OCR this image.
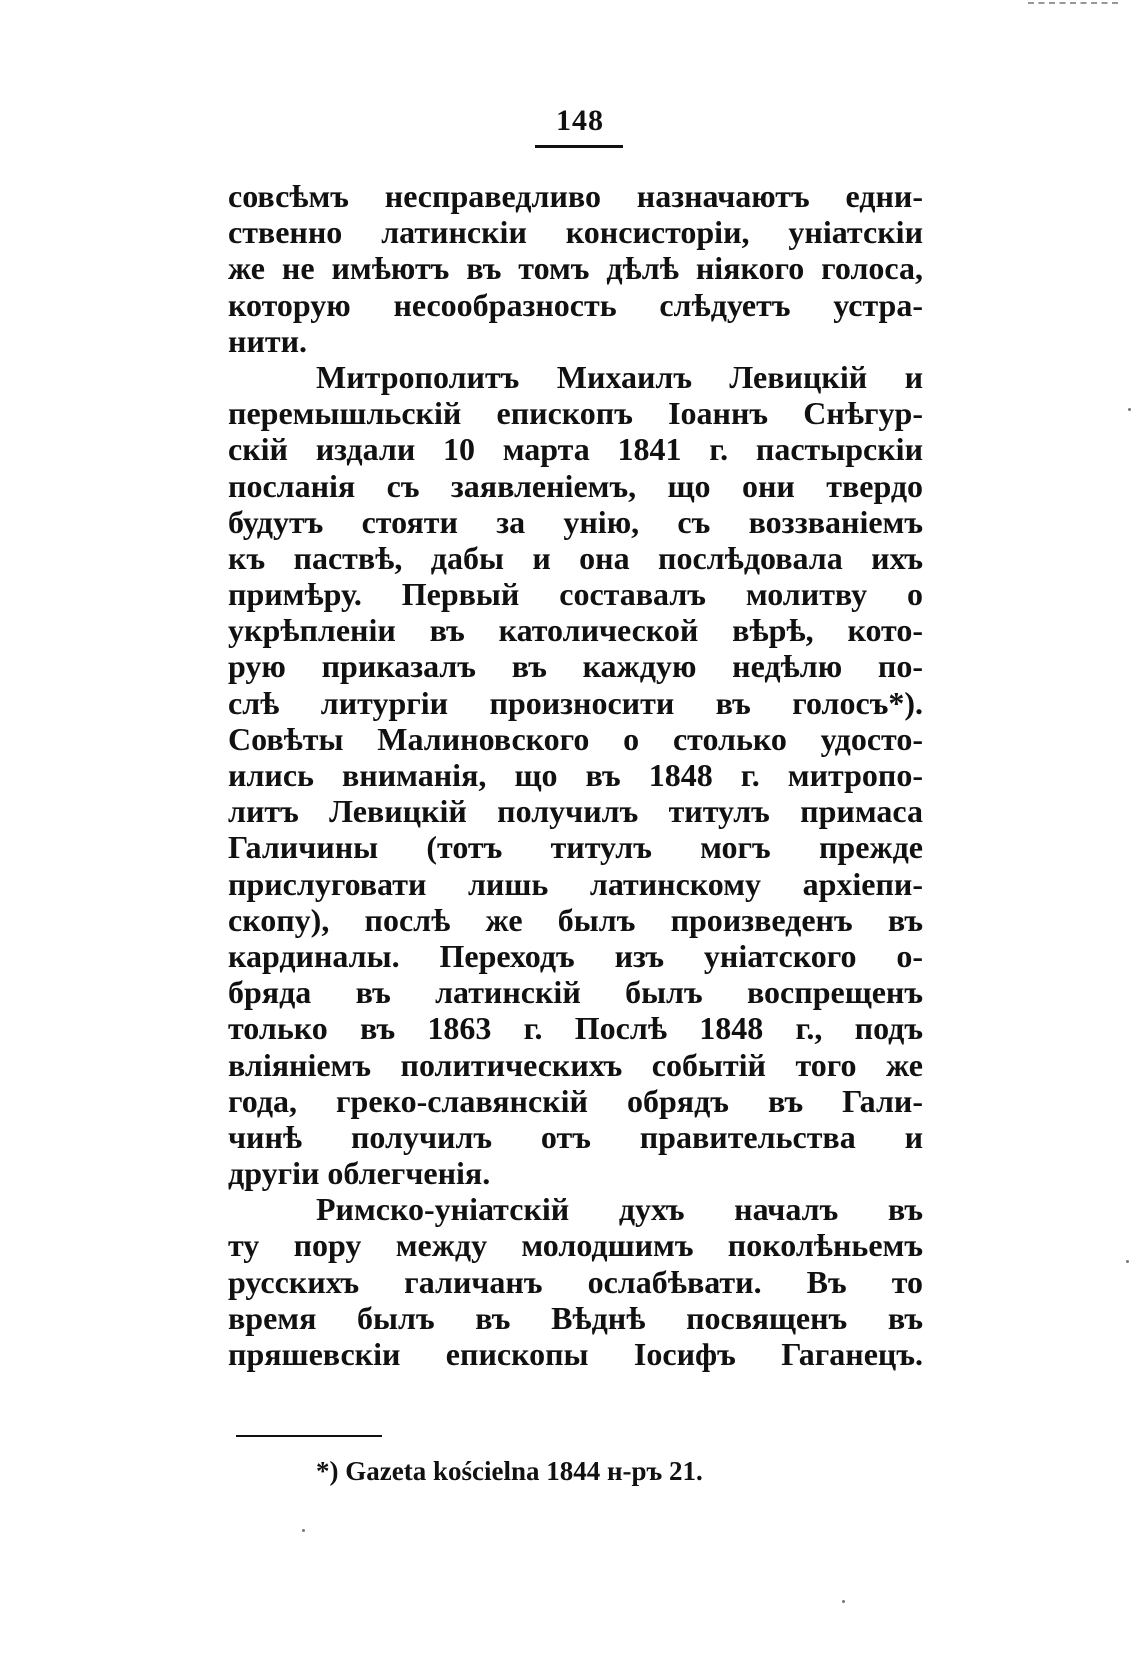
148
совсѣмъ несправедливо назначаютъ едни-
ственно латинскiи консисторiи, унiатскiи
же не имѣютъ въ томъ дѣлѣ нiякого голоса,
которую несообразность слѣдуетъ устра-
нити.
Митрополитъ Михаилъ Левицкiй и
перемышльскiй епископъ Iоаннъ Снѣгур-
скiй издали 10 марта 1841 г. пастырскiи
посланiя съ заявленiемъ, що они твердо
будутъ стояти за унiю, съ воззванiемъ
къ паствѣ, дабы и она послѣдовала ихъ
примѣру. Первый составалъ молитву о
укрѣпленiи въ католической вѣрѣ, кото-
рую приказалъ въ каждую недѣлю по-
слѣ литургiи произносити въ голосъ*).
Совѣты Малиновского о столько удосто-
ились вниманiя, що въ 1848 г. митропо-
литъ Левицкiй получилъ титулъ примаса
Галичины (тотъ титулъ могъ прежде
прислуговати лишь латинскому архiепи-
скопу), послѣ же былъ произведенъ въ
кардиналы. Переходъ изъ унiатского о-
бряда въ латинскiй былъ воспрещенъ
только въ 1863 г. Послѣ 1848 г., подъ
влiянiемъ политическихъ событiй того же
года, греко-славянскiй обрядъ въ Гали-
чинѣ получилъ отъ правительства и
другiи облегченiя.
Римско-унiатскiй духъ началъ въ
ту пору между молодшимъ поколѣньемъ
русскихъ галичанъ ослабѣвати. Въ то
время былъ въ Вѣднѣ посвященъ въ
пряшевскiи епископы Iосифъ Гаганецъ.
*) Gazeta kościelna 1844 н-ръ 21.
